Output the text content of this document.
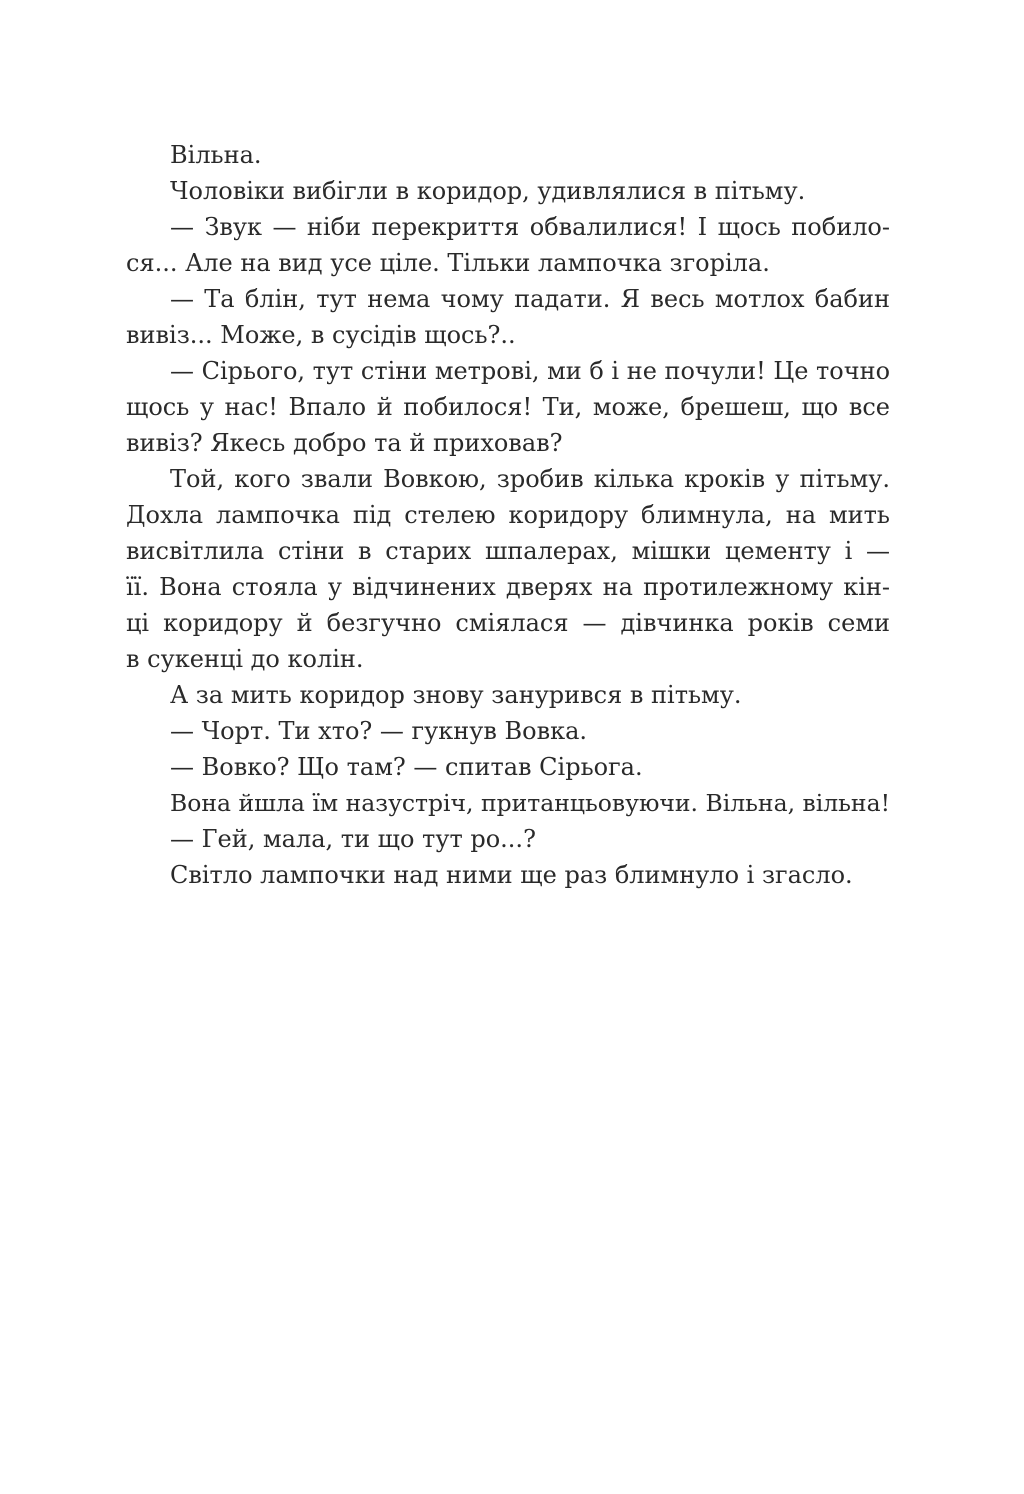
Вільна.
Чоловіки вибігли в коридор, удивлялися в пітьму.
— Звук — ніби перекриття обвалилися! І щось побило-
ся... Але на вид усе ціле. Тільки лампочка згоріла.
— Та блін, тут нема чому падати. Я весь мотлох бабин
вивіз... Може, в сусідів щось?..
— Сірього, тут стіни метрові, ми б і не почули! Це точно
щось у нас! Впало й побилося! Ти, може, брешеш, що все
вивіз? Якесь добро та й приховав?
Той, кого звали Вовкою, зробив кілька кроків у пітьму.
Дохла лампочка під стелею коридору блимнула, на мить
висвітлила стіни в старих шпалерах, мішки цементу і —
її. Вона стояла у відчинених дверях на протилежному кін-
ці коридору й безгучно сміялася — дівчинка років семи
в сукенці до колін.
А за мить коридор знову занурився в пітьму.
— Чорт. Ти хто? — гукнув Вовка.
— Вовко? Що там? — спитав Сірьога.
Вона йшла їм назустріч, пританцьовуючи. Вільна, вільна!
— Гей, мала, ти що тут ро...?
Світло лампочки над ними ще раз блимнуло і згасло.
